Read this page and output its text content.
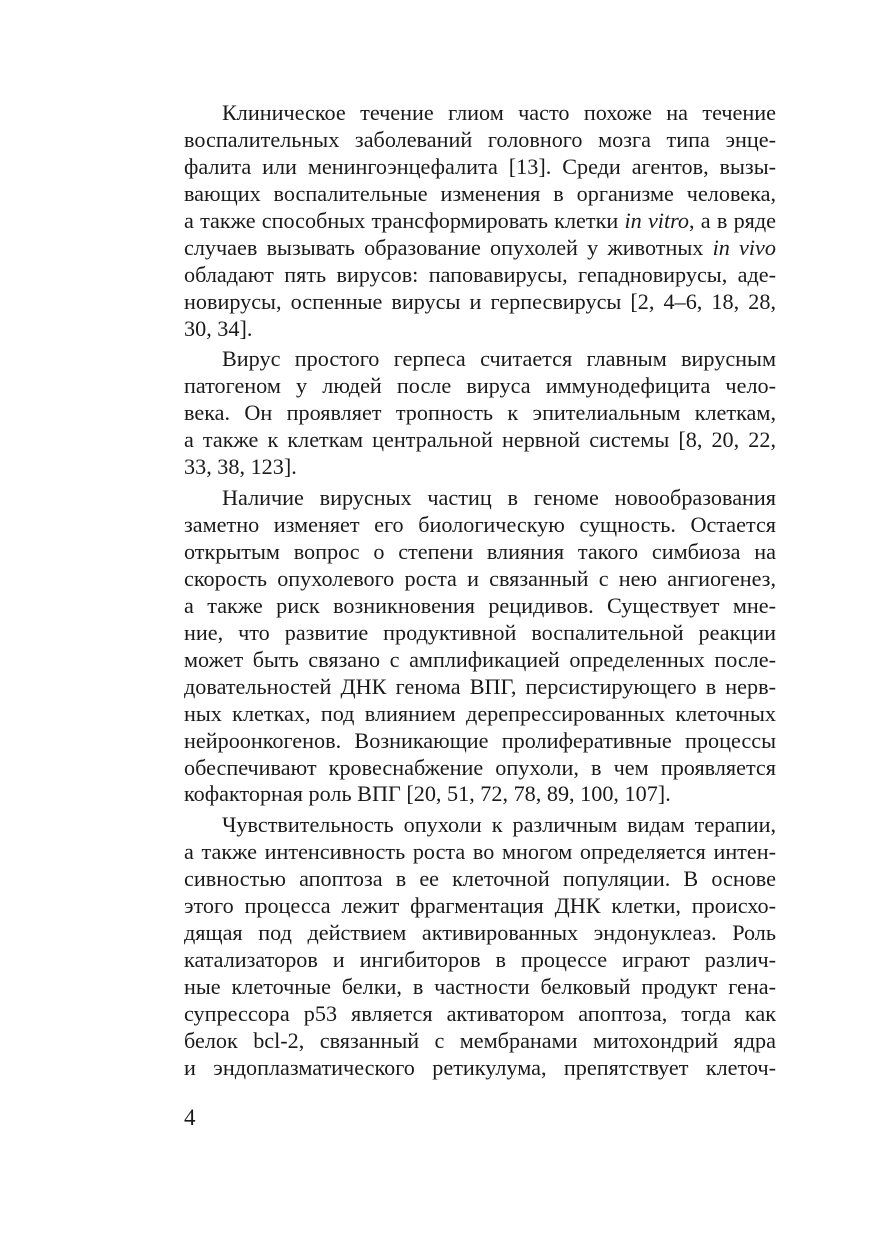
Клиническое течение глиом часто похоже на течение
воспалительных заболеваний головного мозга типа энце-
фалита или менингоэнцефалита [13]. Среди агентов, вызы-
вающих воспалительные изменения в организме человека,
а также способных трансформировать клетки in vitro, а в ряде
случаев вызывать образование опухолей у животных in vivo
обладают пять вирусов: паповавирусы, гепадновирусы, аде-
новирусы, оспенные вирусы и герпесвирусы [2, 4–6, 18, 28,
30, 34].
Вирус простого герпеса считается главным вирусным
патогеном у людей после вируса иммунодефицита чело-
века. Он проявляет тропность к эпителиальным клеткам,
а также к клеткам центральной нервной системы [8, 20, 22,
33, 38, 123].
Наличие вирусных частиц в геноме новообразования
заметно изменяет его биологическую сущность. Остается
открытым вопрос о степени влияния такого симбиоза на
скорость опухолевого роста и связанный с нею ангиогенез,
а также риск возникновения рецидивов. Существует мне-
ние, что развитие продуктивной воспалительной реакции
может быть связано с амплификацией определенных после-
довательностей ДНК генома ВПГ, персистирующего в нерв-
ных клетках, под влиянием дерепрессированных клеточных
нейроонкогенов. Возникающие пролиферативные процессы
обеспечивают кровеснабжение опухоли, в чем проявляется
кофакторная роль ВПГ [20, 51, 72, 78, 89, 100, 107].
Чувствительность опухоли к различным видам терапии,
а также интенсивность роста во многом определяется интен-
сивностью апоптоза в ее клеточной популяции. В основе
этого процесса лежит фрагментация ДНК клетки, происхо-
дящая под действием активированных эндонуклеаз. Роль
катализаторов и ингибиторов в процессе играют различ-
ные клеточные белки, в частности белковый продукт гена-
супрессора p53 является активатором апоптоза, тогда как
белок bcl-2, связанный с мембранами митохондрий ядра
и эндоплазматического ретикулума, препятствует клеточ-
4
